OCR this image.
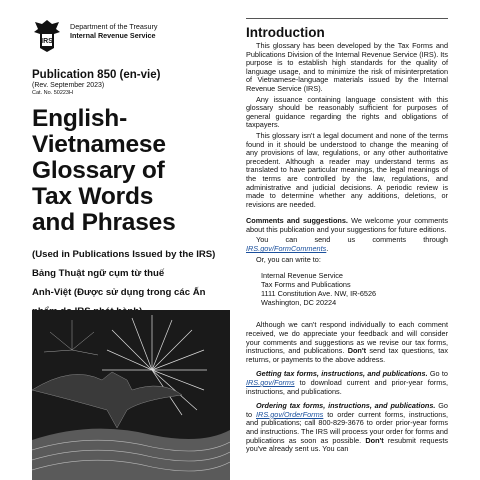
IRS
Department of the Treasury
Internal Revenue Service
Publication 850 (en-vie)
(Rev. September 2023)
Cat. No. 50223H
English-
Vietnamese
Glossary of
Tax Words
and Phrases
(Used in Publications Issued by the IRS)
Bảng Thuật ngữ cụm từ thuế
Anh-Việt (Được sử dụng trong các Ấn
Introduction
This glossary has been developed by the Tax Forms and Publications Division of the Internal Revenue Service (IRS). Its purpose is to establish high standards for the quality of language usage, and to minimize the risk of misinterpretation of Vietnamese-language materials issued by the Internal Revenue Service (IRS).
Any issuance containing language consistent with this glossary should be reasonably sufficient for purposes of general guidance regarding the rights and obligations of taxpayers.
This glossary isn't a legal document and none of the terms found in it should be understood to change the meaning of any provisions of law, regulations, or any other authoritative precedent. Although a reader may understand terms as translated to have particular meanings, the legal meanings of the terms are controlled by the law, regulations, and administrative and judicial decisions. A periodic review is made to determine whether any additions, deletions, or revisions are needed.
Comments and suggestions. We welcome your comments about this publication and your suggestions for future editions.
You can send us comments through IRS.gov/FormComments.
Or, you can write to:
Internal Revenue Service
Tax Forms and Publications
1111 Constitution Ave. NW, IR-6526
Washington, DC 20224
Although we can't respond individually to each comment received, we do appreciate your feedback and will consider your comments and suggestions as we revise our tax forms, instructions, and publications. Don't send tax questions, tax returns, or payments to the above address.
Getting tax forms, instructions, and publications. Go to IRS.gov/Forms to download current and prior-year forms, instructions, and publications.
Ordering tax forms, instructions, and publications. Go to IRS.gov/OrderForms to order current forms, instructions, and publications; call 800-829-3676 to order prior-year forms and instructions. The IRS will process your order for forms and publications as soon as possible. Don't resubmit requests you've already sent us. You can
